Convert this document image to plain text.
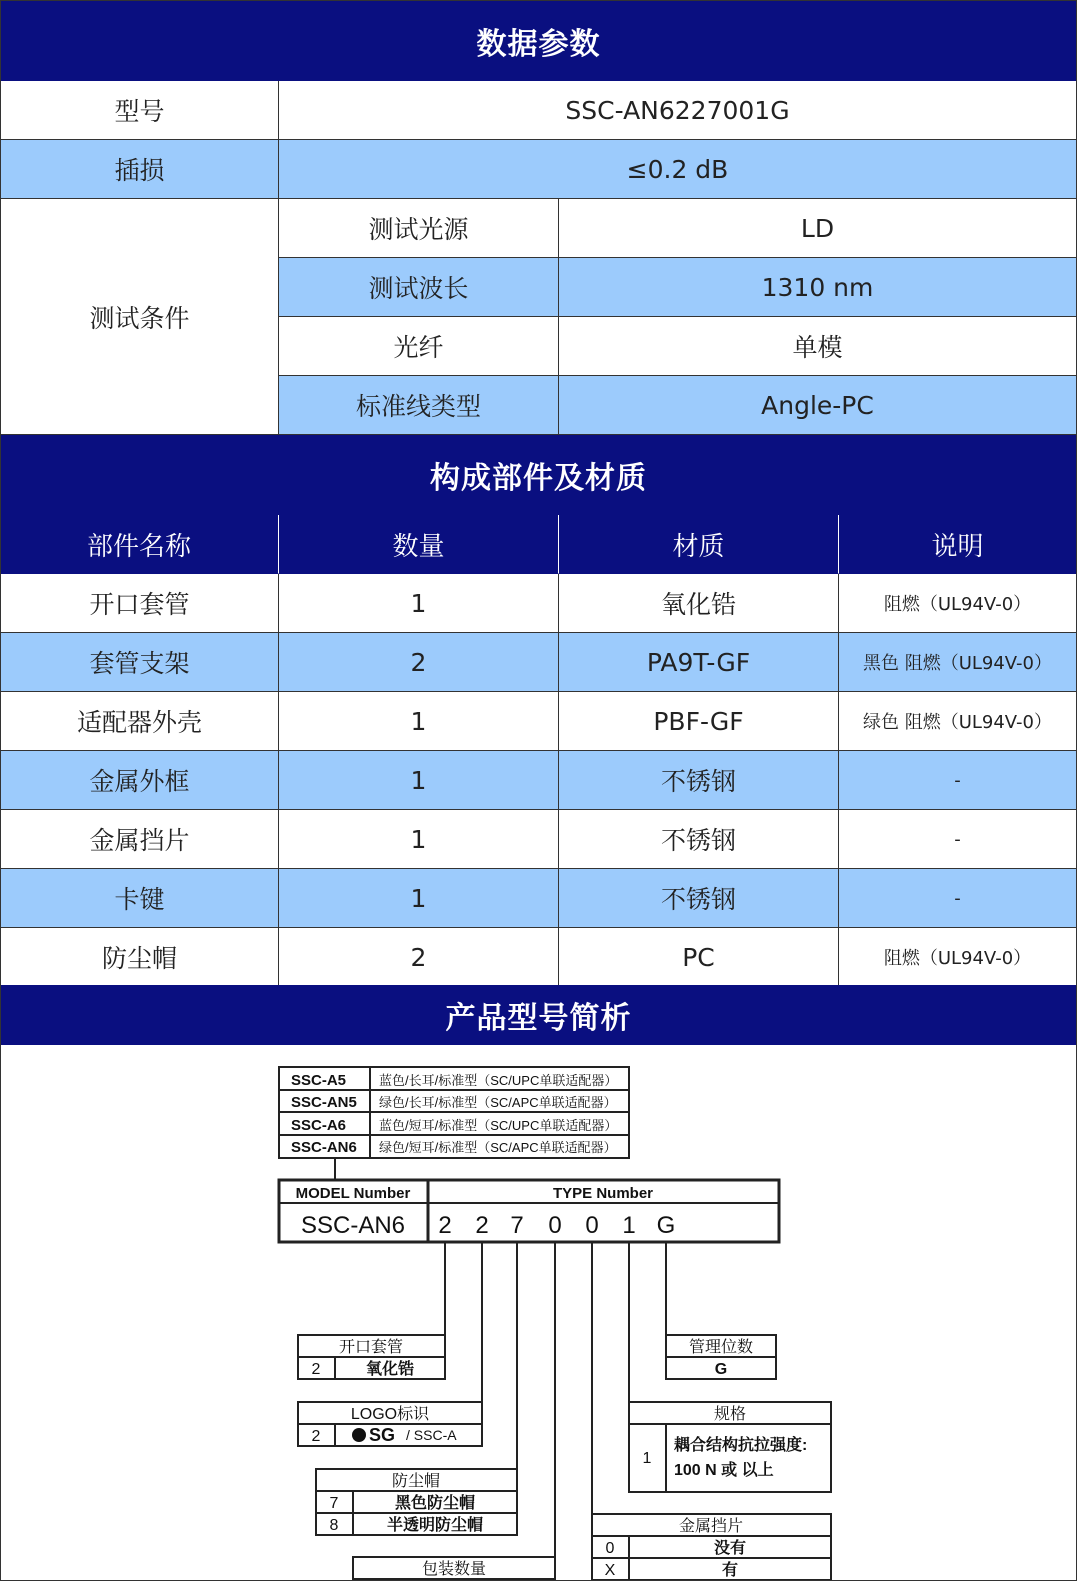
数据参数
型号	SSC-AN6227001G
插损	≤0.2 dB
测试条件
测试光源	LD
测试波长	1310 nm
光纤	单模
标准线类型	Angle-PC
构成部件及材质
部件名称	数量	材质	说明
开口套管	1	氧化锆	阻燃（UL94V-0）
套管支架	2	PA9T-GF	黑色 阻燃（UL94V-0）
适配器外壳	1	PBF-GF	绿色 阻燃（UL94V-0）
金属外框	1	不锈钢	-
金属挡片	1	不锈钢	-
卡键	1	不锈钢	-
防尘帽	2	PC	阻燃（UL94V-0）
产品型号简析
SSC-A5	蓝色/长耳/标准型（SC/UPC单联适配器）
SSC-AN5 绿色/长耳/标准型（SC/APC单联适配器）
SSC-A6	蓝色/短耳/标准型（SC/UPC单联适配器）
SSC-AN6 绿色/短耳/标准型（SC/APC单联适配器）
MODEL Number	TYPE Number
SSC-AN6 2 2 7 0 0 1 G
开口套管
2	氧化锆
LOGO标识
2	SG / SSC-A
防尘帽
7	黑色防尘帽
8	半透明防尘帽
包装数量
管理位数
G
规格
1
耦合结构抗拉强度:
100 N 或 以上
金属挡片
0	没有
X	有
